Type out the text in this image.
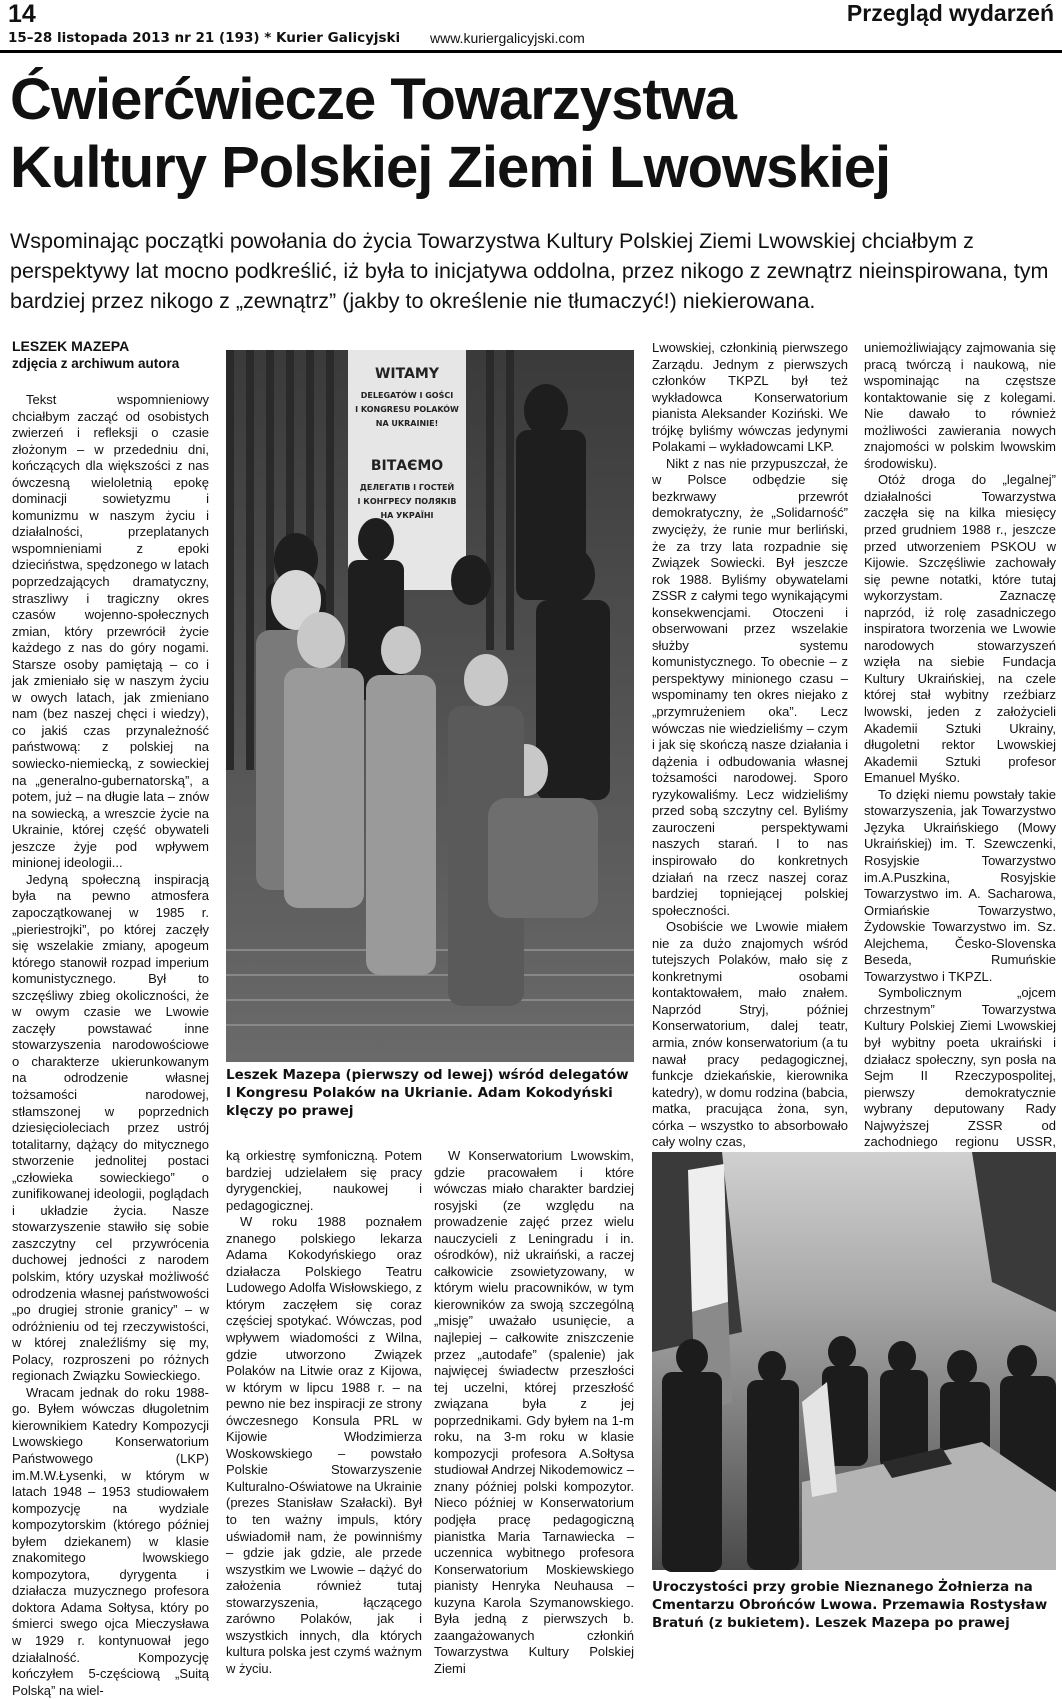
14	Przegląd wydarzeń
15–28 listopada 2013 nr 21 (193) * Kurier Galicyjski www.kuriergalicyjski.com
Ćwierćwiecze Towarzystwa
Kultury Polskiej Ziemi Lwowskiej
Wspominając początki powołania do życia Towarzystwa Kultury Polskiej Ziemi Lwowskiej chciałbym z perspektywy lat mocno podkreślić, iż była to inicjatywa oddolna, przez nikogo z zewnątrz nieinspirowana, tym bardziej przez nikogo z „zewnątrz” (jakby to określenie nie tłumaczyć!) niekierowana.
LESZEK MAZEPA
zdjęcia z archiwum autora

Tekst wspomnieniowy chciałbym zacząć od osobistych zwierzeń i refleksji o czasie złożonym – w przededniu dni, kończących dla większości z nas ówczesną wieloletnią epokę dominacji sowietyzmu i komunizmu w naszym życiu i działalności, przeplatanych wspomnieniami z epoki dzieciństwa, spędzonego w latach poprzedzających dramatyczny, straszliwy i tragiczny okres czasów wojenno-społecznych zmian, który przewrócił życie każdego z nas do góry nogami. Starsze osoby pamiętają – co i jak zmieniało się w naszym życiu w owych latach, jak zmieniano nam (bez naszej chęci i wiedzy), co jakiś czas przynależność państwową: z polskiej na sowiecko-niemiecką, z sowieckiej na „generalno-gubernatorską”, a potem, już – na długie lata – znów na sowiecką, a wreszcie życie na Ukrainie, której część obywateli jeszcze żyje pod wpływem minionej ideologii...

Jedyną społeczną inspiracją była na pewno atmosfera zapoczątkowanej w 1985 r. „pieriestrojki”, po której zaczęły się wszelakie zmiany, apogeum którego stanowił rozpad imperium komunistycznego. Był to szczęśliwy zbieg okoliczności, że w owym czasie we Lwowie zaczęły powstawać inne stowarzyszenia narodowościowe o charakterze ukierunkowanym na odrodzenie własnej tożsamości narodowej, stłamszonej w poprzednich dziesięcioleciach przez ustrój totalitarny, dążący do mitycznego stworzenie jednolitej postaci „człowieka sowieckiego” o zunifikowanej ideologii, poglądach i układzie życia. Nasze stowarzyszenie stawiło się sobie zaszczytny cel przywrócenia duchowej jedności z narodem polskim, który uzyskał możliwość odrodzenia własnej państwowości „po drugiej stronie granicy” – w odróżnieniu od tej rzeczywistości, w której znaleźliśmy się my, Polacy, rozproszeni po różnych regionach Związku Sowieckiego.

Wracam jednak do roku 1988-go. Byłem wówczas długoletnim kierownikiem Katedry Kompozycji Lwowskiego Konserwatorium Państwowego (LKP) im.M.W.Łysenki, w którym w latach 1948 – 1953 studiowałem kompozycję na wydziale kompozytorskim (którego później byłem dziekanem) w klasie znakomitego lwowskiego kompozytora, dyrygenta i działacza muzycznego profesora doktora Adama Sołtysa, który po śmierci swego ojca Mieczysława w 1929 r. kontynuował jego działalność. Kompozycję kończyłem 5-częściową „Suitą Polską” na wiel-

WITAMY
DELEGATÓW I GOŚCI
I KONGRESU POLAKÓW
NA UKRAINIE!
ВІТАЄМО
ДЕЛЕГАТІВ І ГОСТЕЙ
І КОНГРЕСУ ПОЛЯКІВ
НА УКРАЇНІ
Leszek Mazepa (pierwszy od lewej) wśród delegatów I Kongresu Polaków na Ukrianie. Adam Kokodyński klęczy po prawej

ką orkiestrę symfoniczną. Potem bardziej udzielałem się pracy dyrygenckiej, naukowej i pedagogicznej.

W roku 1988 poznałem znanego polskiego lekarza Adama Kokodyńskiego oraz działacza Polskiego Teatru Ludowego Adolfa Wisłowskiego, z którym zaczęłem się coraz częściej spotykać. Wówczas, pod wpływem wiadomości z Wilna, gdzie utworzono Związek Polaków na Litwie oraz z Kijowa, w którym w lipcu 1988 r. – na pewno nie bez inspiracji ze strony ówczesnego Konsula PRL w Kijowie Włodzimierza Woskowskiego – powstało Polskie Stowarzyszenie Kulturalno-Oświatowe na Ukrainie (prezes Stanisław Szałacki). Był to ten ważny impuls, który uświadomił nam, że powinniśmy – gdzie jak gdzie, ale przede wszystkim we Lwowie – dążyć do założenia również tutaj stowarzyszenia, łączącego zarówno Polaków, jak i wszystkich innych, dla których kultura polska jest czymś ważnym w życiu.

W Konserwatorium Lwowskim, gdzie pracowałem i które wówczas miało charakter bardziej rosyjski (ze względu na prowadzenie zajęć przez wielu nauczycieli z Leningradu i in. ośrodków), niż ukraiński, a raczej całkowicie zsowietyzowany, w którym wielu pracowników, w tym kierowników za swoją szczególną „misję” uważało usunięcie, a najlepiej – całkowite zniszczenie przez „autodafe” (spalenie) jak najwięcej świadectw przeszłości tej uczelni, której przeszłość związana była z jej poprzednikami. Gdy byłem na 1-m roku, na 3-m roku w klasie kompozycji profesora A.Sołtysa studiował Andrzej Nikodemowicz – znany później polski kompozytor. Nieco później w Konserwatorium podjęła pracę pedagogiczną pianistka Maria Tarnawiecka – uczennica wybitnego profesora Konserwatorium Moskiewskiego pianisty Henryka Neuhausa – kuzyna Karola Szymanowskiego. Była jedną z pierwszych b. zaangażowanych członkiń Towarzystwa Kultury Polskiej Ziemi

Lwowskiej, członkinią pierwszego Zarządu. Jednym z pierwszych członków TKPZL był też wykładowca Konserwatorium pianista Aleksander Koziński. We trójkę byliśmy wówczas jedynymi Polakami – wykładowcami LKP.

Nikt z nas nie przypuszczał, że w Polsce odbędzie się bezkrwawy przewrót demokratyczny, że „Solidarność” zwycięży, że runie mur berliński, że za trzy lata rozpadnie się Związek Sowiecki. Był jeszcze rok 1988. Byliśmy obywatelami ZSSR z całymi tego wynikającymi konsekwencjami. Otoczeni i obserwowani przez wszelakie służby systemu komunistycznego. To obecnie – z perspektywy minionego czasu – wspominamy ten okres niejako z „przymrużeniem oka”. Lecz wówczas nie wiedzieliśmy – czym i jak się skończą nasze działania i dążenia i odbudowania własnej tożsamości narodowej. Sporo ryzykowaliśmy. Lecz widzieliśmy przed sobą szczytny cel. Byliśmy zauroczeni perspektywami naszych starań. I to nas inspirowało do konkretnych działań na rzecz naszej coraz bardziej topniejącej polskiej społeczności.

Osobiście we Lwowie miałem nie za dużo znajomych wśród tutejszych Polaków, mało się z konkretnymi osobami kontaktowałem, mało znałem. Naprzód Stryj, później Konserwatorium, dalej teatr, armia, znów konserwatorium (a tu nawał pracy pedagogicznej, funkcje dziekańskie, kierownika katedry), w domu rodzina (babcia, matka, pracująca żona, syn, córka – wszystko to absorbowało cały wolny czas,

uniemożliwiający zajmowania się pracą twórczą i naukową, nie wspominając na częstsze kontaktowanie się z kolegami. Nie dawało to również możliwości zawierania nowych znajomości w polskim lwowskim środowisku).

Otóż droga do „legalnej” działalności Towarzystwa zaczęła się na kilka miesięcy przed grudniem 1988 r., jeszcze przed utworzeniem PSKOU w Kijowie. Szczęśliwie zachowały się pewne notatki, które tutaj wykorzystam. Zaznaczę naprzód, iż rolę zasadniczego inspiratora tworzenia we Lwowie narodowych stowarzyszeń wzięła na siebie Fundacja Kultury Ukraińskiej, na czele której stał wybitny rzeźbiarz lwowski, jeden z założycieli Akademii Sztuki Ukrainy, długoletni rektor Lwowskiej Akademii Sztuki profesor Emanuel Myśko.

To dzięki niemu powstały takie stowarzyszenia, jak Towarzystwo Języka Ukraińskiego (Mowy Ukraińskiej) im. T. Szewczenki, Rosyjskie Towarzystwo im.A.Puszkina, Rosyjskie Towarzystwo im. A. Sacharowa, Ormiańskie Towarzystwo, Żydowskie Towarzystwo im. Sz. Alejchema, Česko-Slovenska Beseda, Rumuńskie Towarzystwo i TKPZL.

Symbolicznym „ojcem chrzestnym” Towarzystwa Kultury Polskiej Ziemi Lwowskiej był wybitny poeta ukraiński i działacz społeczny, syn posła na Sejm II Rzeczypospolitej, pierwszy demokratycznie wybrany deputowany Rady Najwyższej ZSSR od zachodniego regionu USSR,

Uroczystości przy grobie Nieznanego Żołnierza na Cmentarzu Obrońców Lwowa. Przemawia Rostysław Bratuń (z bukietem). Leszek Mazepa po prawej
